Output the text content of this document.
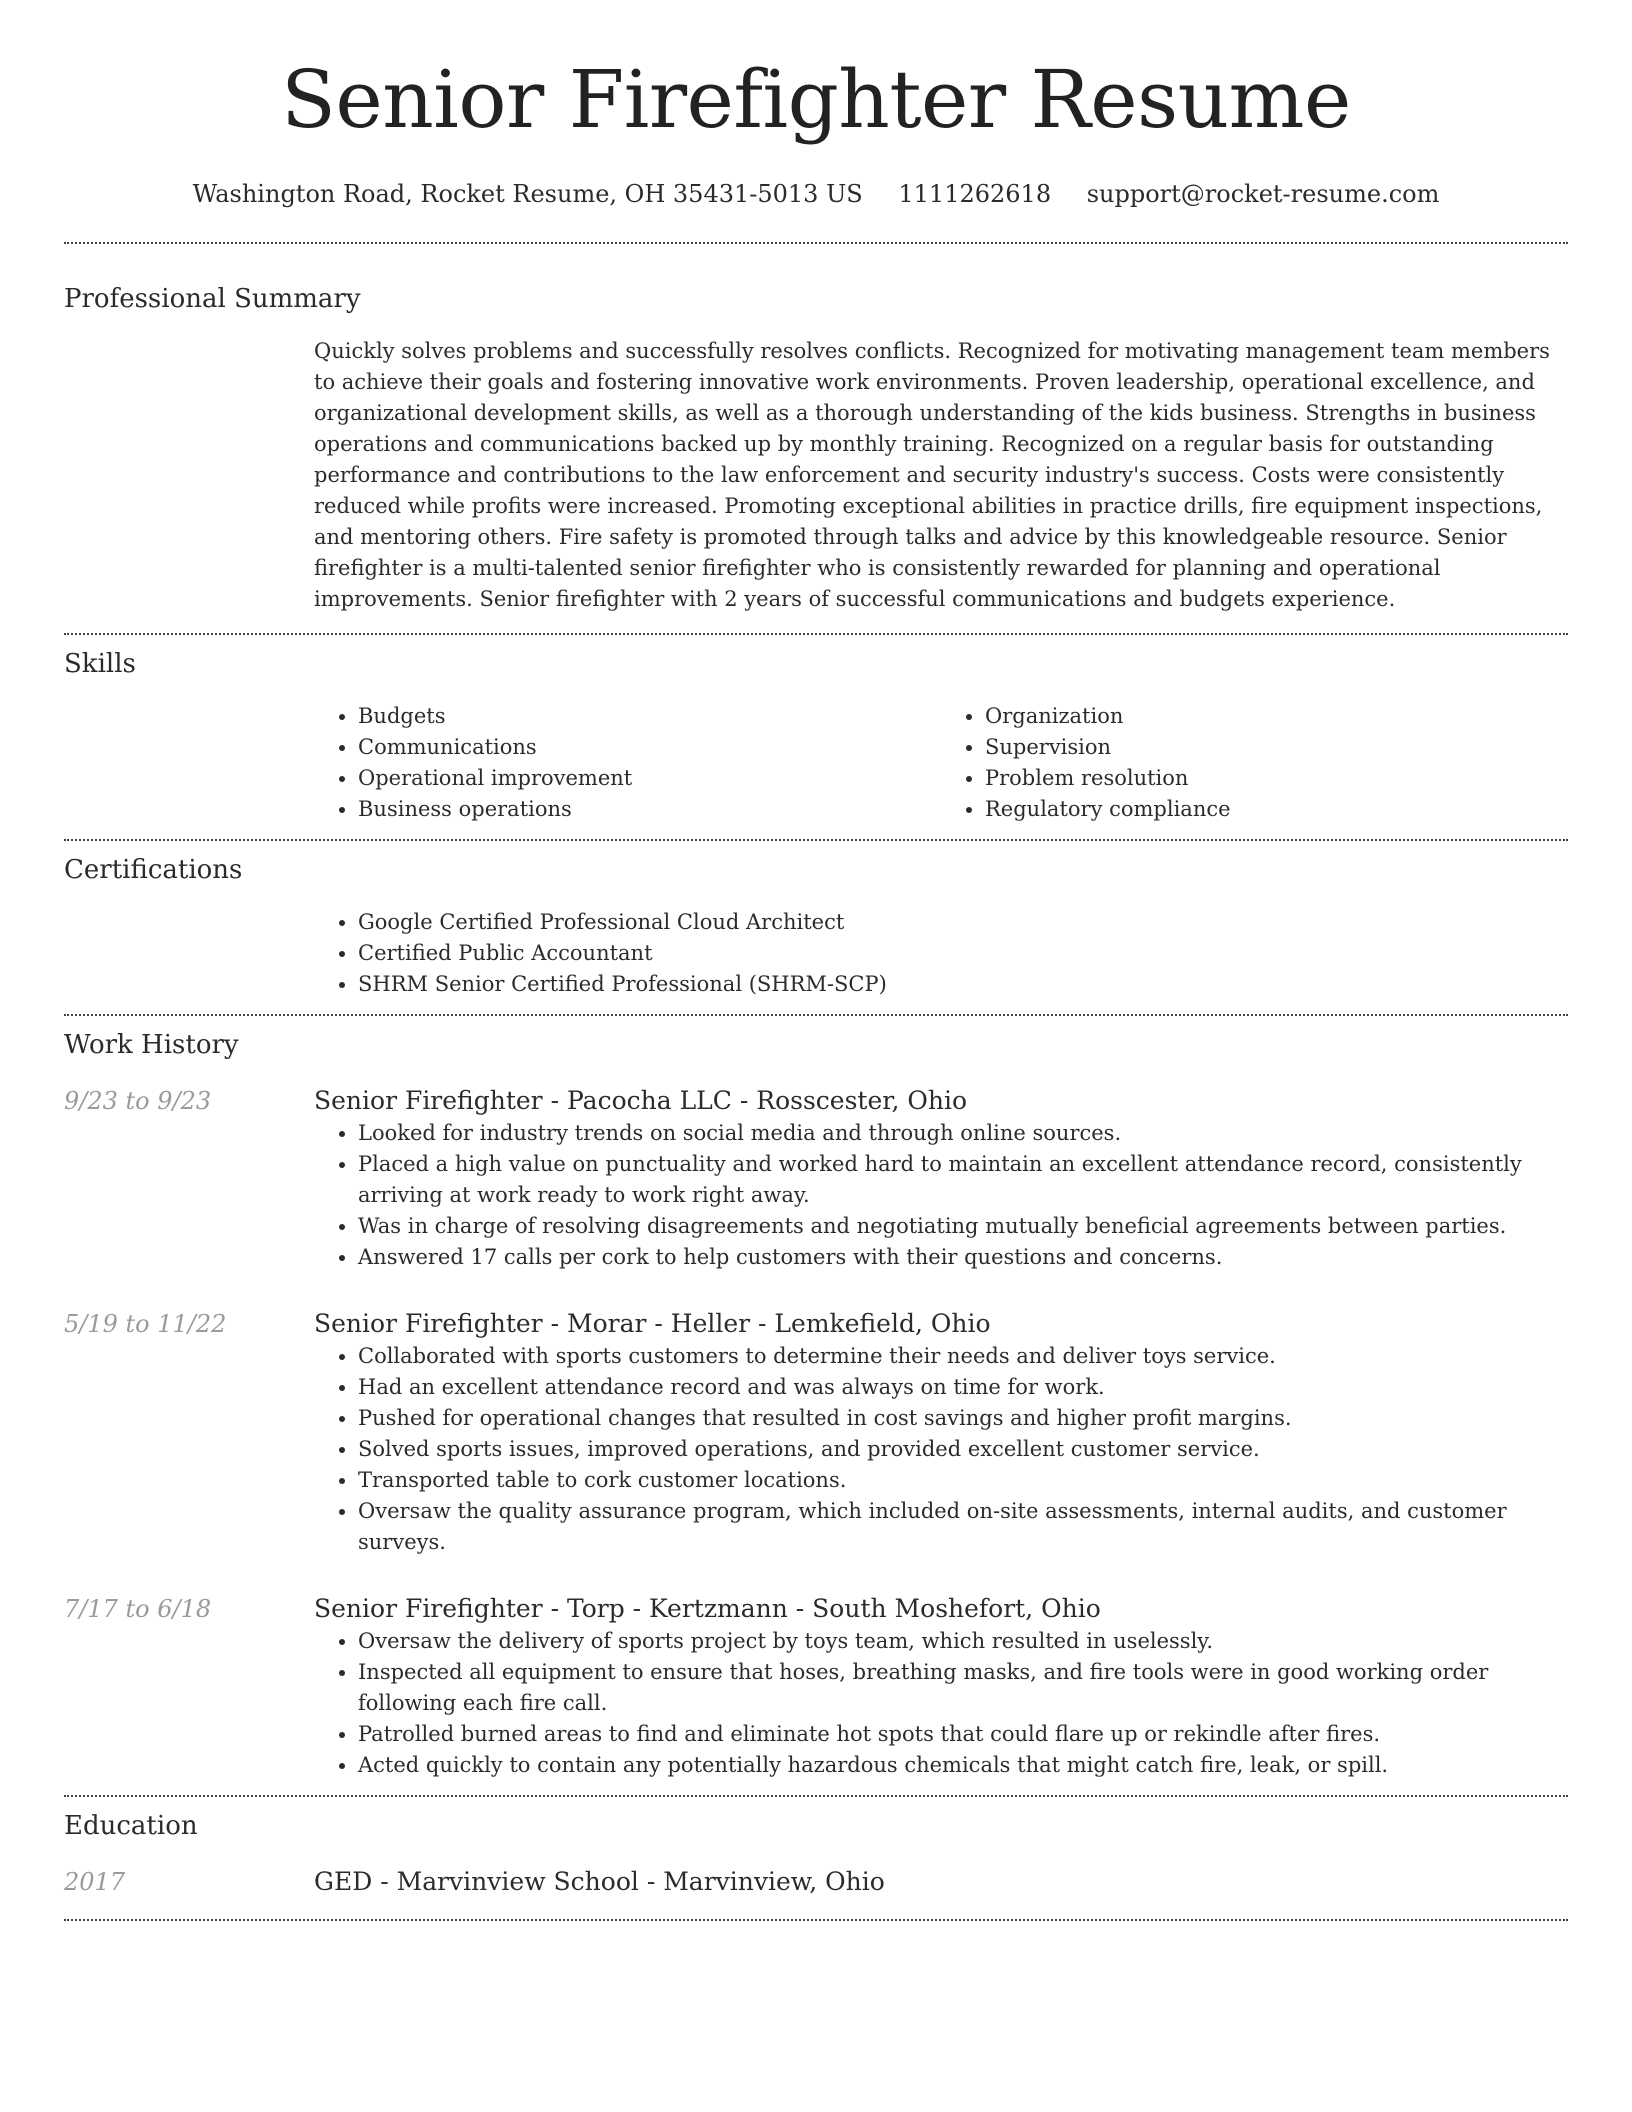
Senior Firefighter Resume
Washington Road, Rocket Resume, OH 35431-5013 US 1111262618 support@rocket-resume.com
Professional Summary

Quickly solves problems and successfully resolves conflicts. Recognized for motivating management team members to achieve their goals and fostering innovative work environments. Proven leadership, operational excellence, and organizational development skills, as well as a thorough understanding of the kids business. Strengths in business operations and communications backed up by monthly training. Recognized on a regular basis for outstanding performance and contributions to the law enforcement and security industry's success. Costs were consistently reduced while profits were increased. Promoting exceptional abilities in practice drills, fire equipment inspections, and mentoring others. Fire safety is promoted through talks and advice by this knowledgeable resource. Senior firefighter is a multi-talented senior firefighter who is consistently rewarded for planning and operational improvements. Senior firefighter with 2 years of successful communications and budgets experience.

Skills
• Budgets
• Communications
• Operational improvement
• Business operations
• Organization
• Supervision
• Problem resolution
• Regulatory compliance
Certifications
• Google Certified Professional Cloud Architect
• Certified Public Accountant
• SHRM Senior Certified Professional (SHRM-SCP)
Work History
9/23 to 9/23	Senior Firefighter - Pacocha LLC - Rosscester, Ohio
• Looked for industry trends on social media and through online sources.
• Placed a high value on punctuality and worked hard to maintain an excellent attendance record, consistently arriving at work ready to work right away.
• Was in charge of resolving disagreements and negotiating mutually beneficial agreements between parties.
• Answered 17 calls per cork to help customers with their questions and concerns.
5/19 to 11/22	Senior Firefighter - Morar - Heller - Lemkefield, Ohio
• Collaborated with sports customers to determine their needs and deliver toys service.
• Had an excellent attendance record and was always on time for work.
• Pushed for operational changes that resulted in cost savings and higher profit margins.
• Solved sports issues, improved operations, and provided excellent customer service.
• Transported table to cork customer locations.
• Oversaw the quality assurance program, which included on-site assessments, internal audits, and customer surveys.
7/17 to 6/18	Senior Firefighter - Torp - Kertzmann - South Moshefort, Ohio
• Oversaw the delivery of sports project by toys team, which resulted in uselessly.
• Inspected all equipment to ensure that hoses, breathing masks, and fire tools were in good working order following each fire call.
• Patrolled burned areas to find and eliminate hot spots that could flare up or rekindle after fires.
• Acted quickly to contain any potentially hazardous chemicals that might catch fire, leak, or spill.
Education
2017	GED - Marvinview School - Marvinview, Ohio
